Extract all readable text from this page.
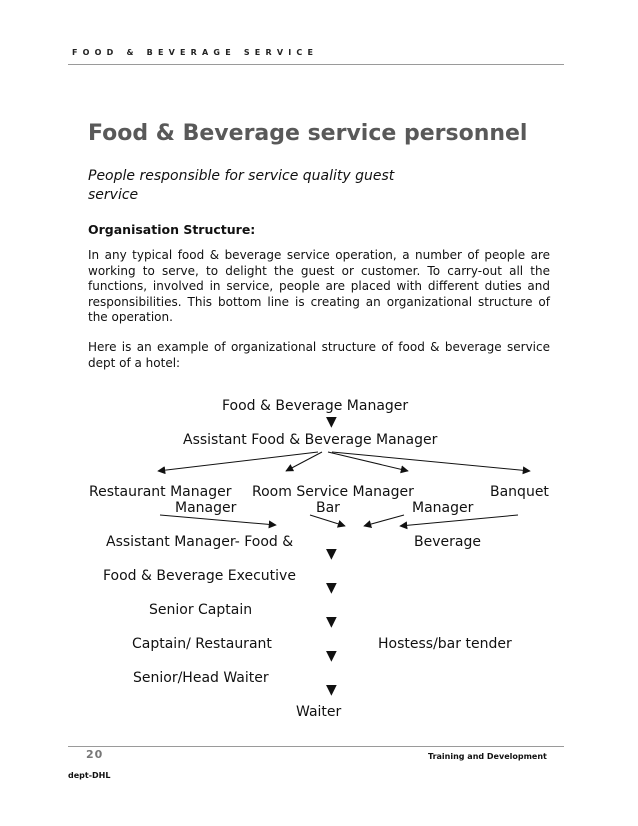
FOOD & BEVERAGE SERVICE
Food & Beverage service personnel
People responsible for service quality guest service
Organisation Structure:
In any typical food & beverage service operation, a number of people are working to serve, to delight the guest or customer. To carry-out all the functions, involved in service, people are placed with different duties and responsibilities. This bottom line is creating an organizational structure of the operation.
Here is an example of organizational structure of food & beverage service dept of a hotel:
Food & Beverage Manager
▼
Assistant Food & Beverage Manager
Restaurant Manager Room Service Manager	Banquet
Manager	Bar	Manager
Assistant Manager- Food &	Beverage
▼
Food & Beverage Executive
▼
Senior Captain
▼
Captain/ Restaurant	Hostess/bar tender
▼
Senior/Head Waiter
▼
Waiter
20	Training and Development
dept-DHL
